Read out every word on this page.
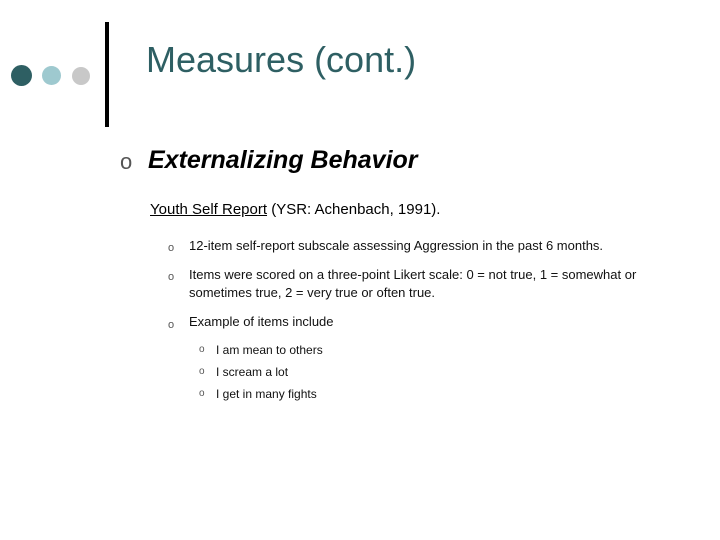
Measures (cont.)
o Externalizing Behavior
Youth Self Report (YSR: Achenbach, 1991).
o 12-item self-report subscale assessing Aggression in the past 6 months.
o Items were scored on a three-point Likert scale: 0 = not true, 1 = somewhat or
sometimes true, 2 = very true or often true.
o Example of items include
o I am mean to others
o I scream a lot
o I get in many fights
